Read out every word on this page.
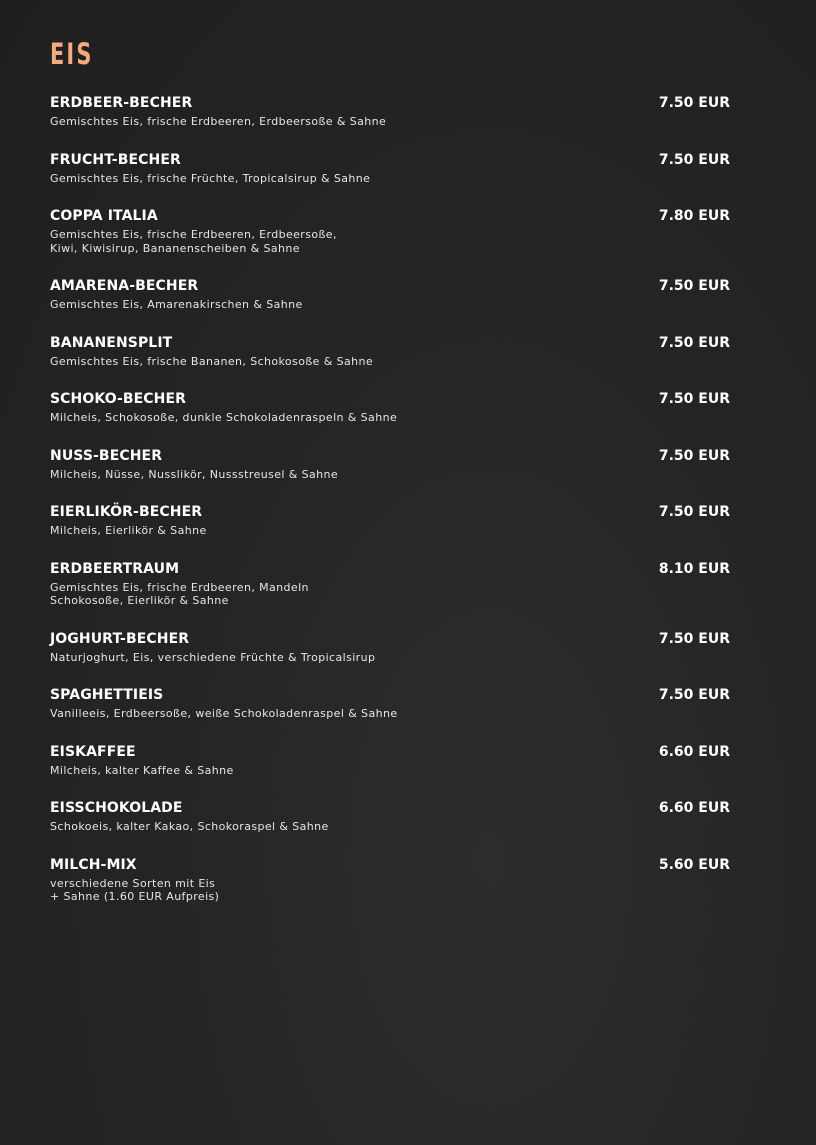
EIS
ERDBEER-BECHER	7.50 EUR
Gemischtes Eis, frische Erdbeeren, Erdbeersoße & Sahne
FRUCHT-BECHER	7.50 EUR
Gemischtes Eis, frische Früchte, Tropicalsirup & Sahne
COPPA ITALIA	7.80 EUR
Gemischtes Eis, frische Erdbeeren, Erdbeersoße,
Kiwi, Kiwisirup, Bananenscheiben & Sahne
AMARENA-BECHER	7.50 EUR
Gemischtes Eis, Amarenakirschen & Sahne
BANANENSPLIT	7.50 EUR
Gemischtes Eis, frische Bananen, Schokosoße & Sahne
SCHOKO-BECHER	7.50 EUR
Milcheis, Schokosoße, dunkle Schokoladenraspeln & Sahne
NUSS-BECHER	7.50 EUR
Milcheis, Nüsse, Nusslikör, Nussstreusel & Sahne
EIERLIKÖR-BECHER	7.50 EUR
Milcheis, Eierlikör & Sahne
ERDBEERTRAUM	8.10 EUR
Gemischtes Eis, frische Erdbeeren, Mandeln
Schokosoße, Eierlikör & Sahne
JOGHURT-BECHER	7.50 EUR
Naturjoghurt, Eis, verschiedene Früchte & Tropicalsirup
SPAGHETTIEIS	7.50 EUR
Vanilleeis, Erdbeersoße, weiße Schokoladenraspel & Sahne
EISKAFFEE	6.60 EUR
Milcheis, kalter Kaffee & Sahne
EISSCHOKOLADE	6.60 EUR
Schokoeis, kalter Kakao, Schokoraspel & Sahne
MILCH-MIX	5.60 EUR
verschiedene Sorten mit Eis
+ Sahne (1.60 EUR Aufpreis)
